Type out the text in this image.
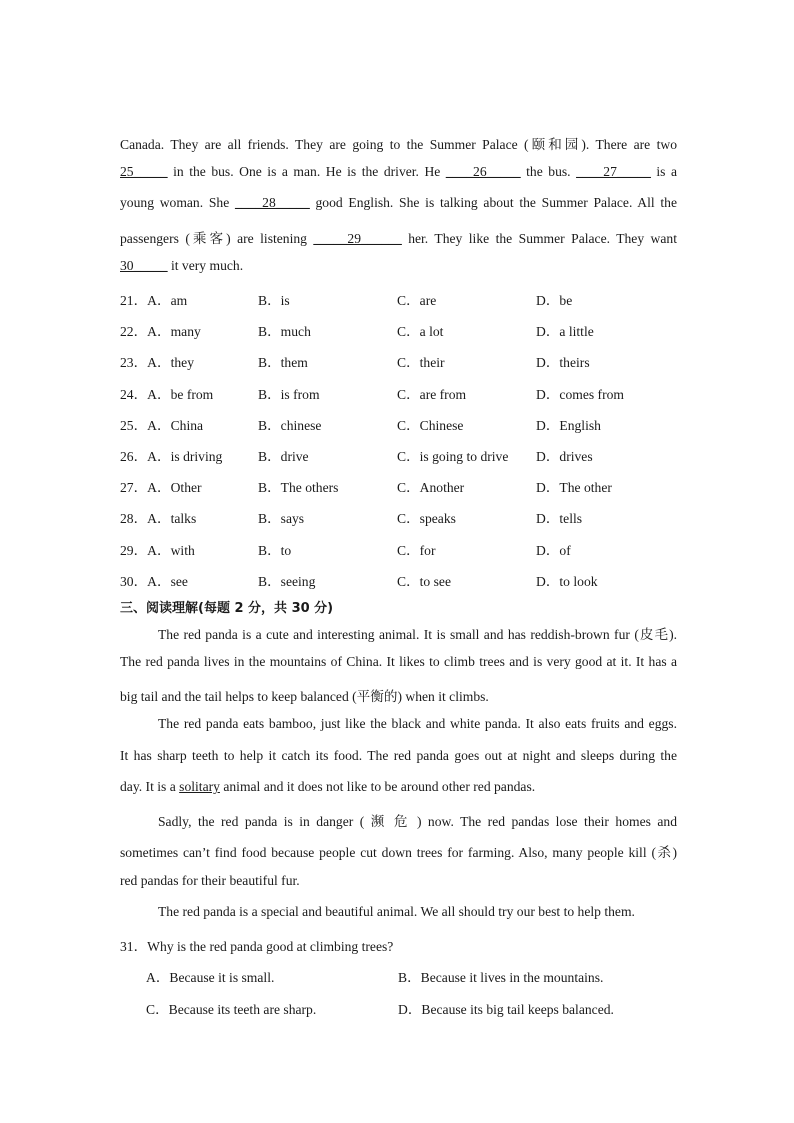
Canada. They are all friends. They are going to the Summer Palace (颐和园). There are two
25_____ in the bus. One is a man. He is the driver. He ____26_____ the bus. ____27_____ is a
young woman. She ____28_____ good English. She is talking about the Summer Palace. All the
passengers (乘客) are listening _____29______ her. They like the Summer Palace. They want
30_____ it very much.
21．A．am	B．is	C．are	D．be
22．A．many	B．much	C．a lot	D．a little
23．A．they	B．them	C．their	D．theirs
24．A．be from	B．is from	C．are from	D．comes from
25．A．China	B．chinese	C．Chinese	D．English
26．A．is driving	B．drive	C．is going to drive D．drives
27．A．Other	B．The others	C．Another	D．The other
28．A．talks	B．says	C．speaks	D．tells
29．A．with	B．to	C．for	D．of
30．A．see	B．seeing	C．to see	D．to look
三、阅读理解(每题 2 分，共 30 分)
The red panda is a cute and interesting animal. It is small and has reddish-brown fur (皮毛).
The red panda lives in the mountains of China. It likes to climb trees and is very good at it. It has a
big tail and the tail helps to keep balanced (平衡的) when it climbs.
The red panda eats bamboo, just like the black and white panda. It also eats fruits and eggs.
It has sharp teeth to help it catch its food. The red panda goes out at night and sleeps during the
day. It is a solitary animal and it does not like to be around other red pandas.
Sadly, the red panda is in danger ( 濒 危 ) now. The red pandas lose their homes and
sometimes can’t find food because people cut down trees for farming. Also, many people kill (杀)
red pandas for their beautiful fur.
The red panda is a special and beautiful animal. We all should try our best to help them.
31．Why is the red panda good at climbing trees?
A．Because it is small.	B．Because it lives in the mountains.
C．Because its teeth are sharp.	D．Because its big tail keeps balanced.
